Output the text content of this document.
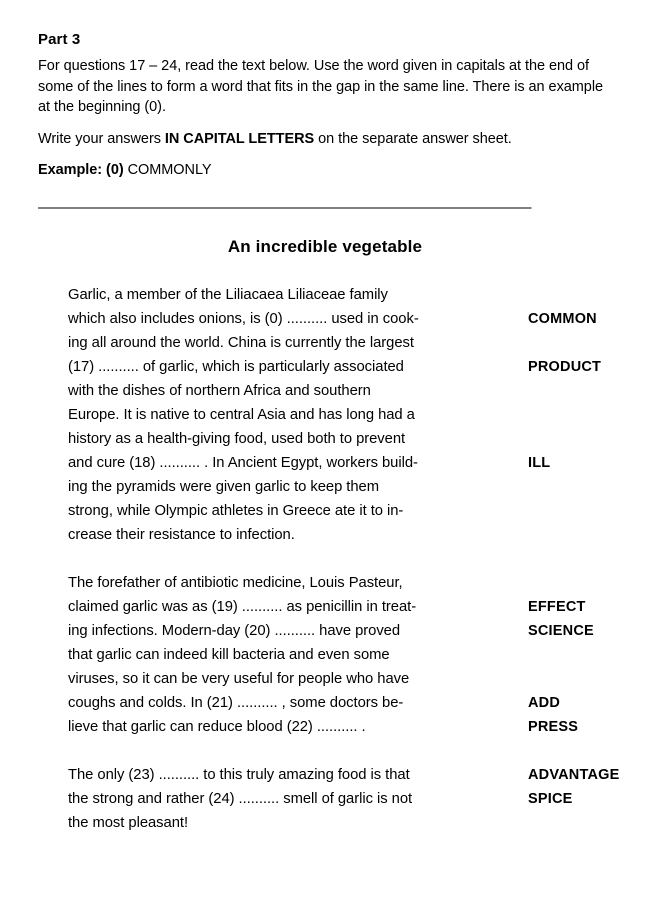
Part 3

For questions 17 – 24, read the text below. Use the word given in capitals at the end of some of the lines to form a word that fits in the gap in the same line. There is an example at the beginning (0).

Write your answers IN CAPITAL LETTERS on the separate answer sheet.

Example: (0) COMMONLY

——————————————————————————————————
An incredible vegetable
Garlic, a member of the Liliacaea Liliaceae family
which also includes onions, is (0) .......... used in cook-	COMMON
ing all around the world. China is currently the largest
(17) .......... of garlic, which is particularly associated	PRODUCT
with the dishes of northern Africa and southern
Europe. It is native to central Asia and has long had a
history as a health-giving food, used both to prevent
and cure (18) .......... . In Ancient Egypt, workers build-	ILL
ing the pyramids were given garlic to keep them
strong, while Olympic athletes in Greece ate it to in-
crease their resistance to infection.
The forefather of antibiotic medicine, Louis Pasteur,
claimed garlic was as (19) .......... as penicillin in treat-	EFFECT
ing infections. Modern-day (20) .......... have proved	SCIENCE
that garlic can indeed kill bacteria and even some
viruses, so it can be very useful for people who have
coughs and colds. In (21) .......... , some doctors be-	ADD
lieve that garlic can reduce blood (22) .......... .	PRESS
The only (23) .......... to this truly amazing food is that	ADVANTAGE
the strong and rather (24) .......... smell of garlic is not	SPICE
the most pleasant!
